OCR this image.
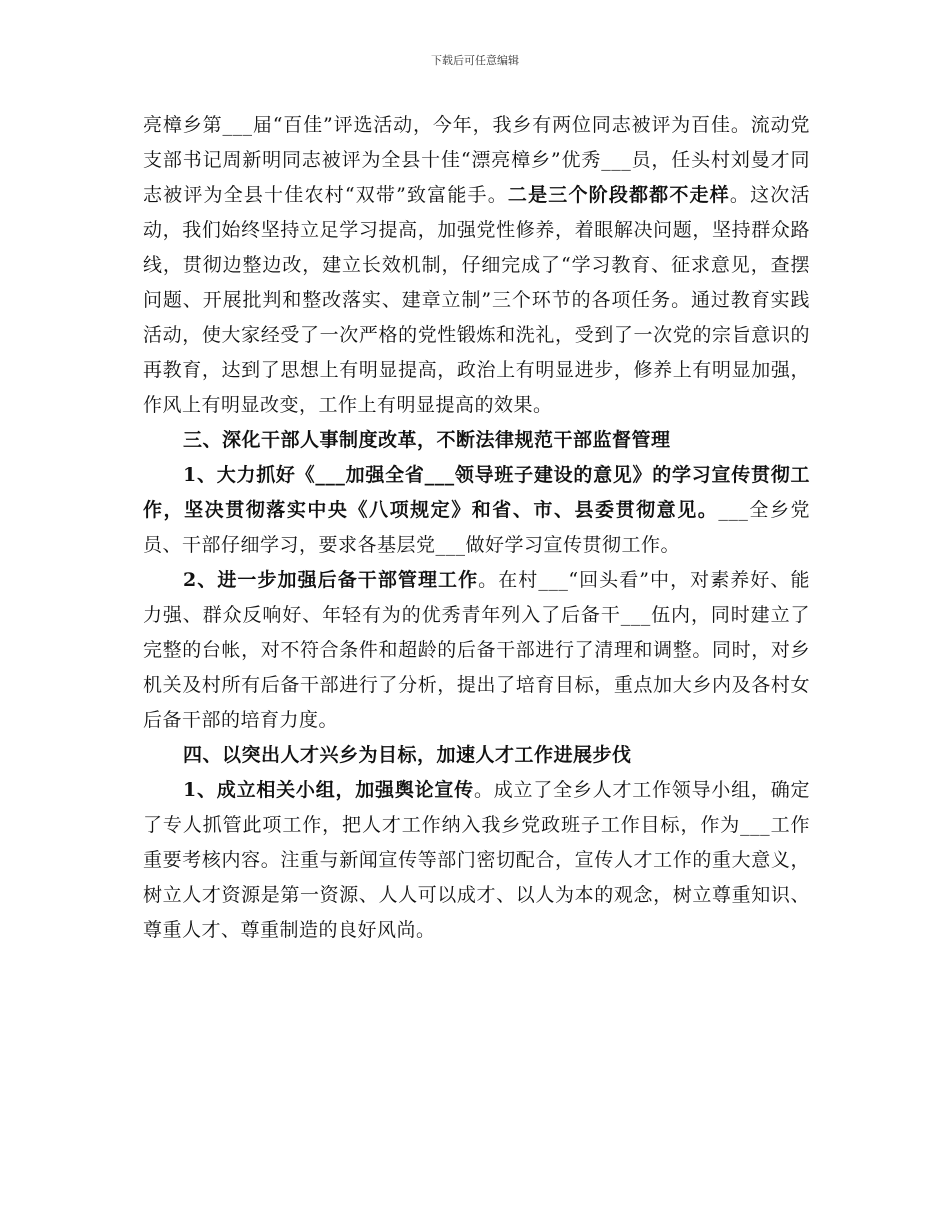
下载后可任意编辑

亮樟乡第___届“百佳”评选活动，今年，我乡有两位同志被评为百佳。流动党支部书记周新明同志被评为全县十佳“漂亮樟乡”优秀___员，任头村刘曼才同志被评为全县十佳农村“双带”致富能手。二是三个阶段都都不走样。这次活动，我们始终坚持立足学习提高，加强党性修养，着眼解决问题，坚持群众路线，贯彻边整边改，建立长效机制，仔细完成了“学习教育、征求意见，查摆问题、开展批判和整改落实、建章立制”三个环节的各项任务。通过教育实践活动，使大家经受了一次严格的党性锻炼和洗礼，受到了一次党的宗旨意识的再教育，达到了思想上有明显提高，政治上有明显进步，修养上有明显加强，作风上有明显改变，工作上有明显提高的效果。

三、深化干部人事制度改革，不断法律规范干部监督管理

1、大力抓好《___加强全省___领导班子建设的意见》的学习宣传贯彻工作，坚决贯彻落实中央《八项规定》和省、市、县委贯彻意见。___全乡党员、干部仔细学习，要求各基层党___做好学习宣传贯彻工作。

2、进一步加强后备干部管理工作。在村___“回头看”中，对素养好、能力强、群众反响好、年轻有为的优秀青年列入了后备干___伍内，同时建立了完整的台帐，对不符合条件和超龄的后备干部进行了清理和调整。同时，对乡机关及村所有后备干部进行了分析，提出了培育目标，重点加大乡内及各村女后备干部的培育力度。

四、以突出人才兴乡为目标，加速人才工作进展步伐

1、成立相关小组，加强舆论宣传。成立了全乡人才工作领导小组，确定了专人抓管此项工作，把人才工作纳入我乡党政班子工作目标，作为___工作重要考核内容。注重与新闻宣传等部门密切配合，宣传人才工作的重大意义，树立人才资源是第一资源、人人可以成才、以人为本的观念，树立尊重知识、尊重人才、尊重制造的良好风尚。
